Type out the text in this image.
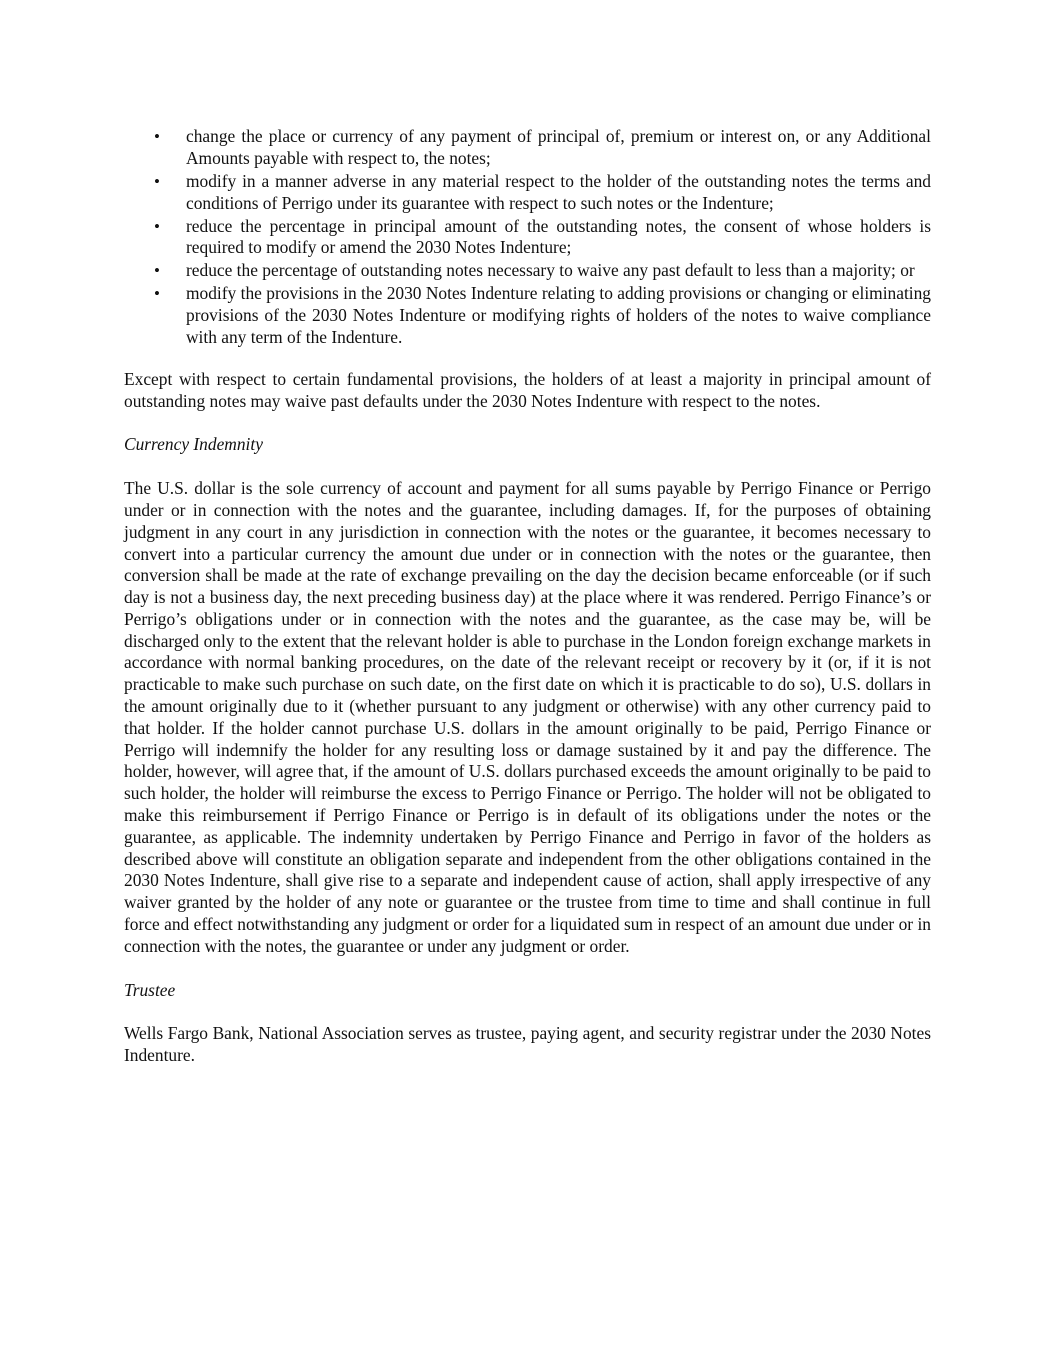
• change the place or currency of any payment of principal of, premium or interest on, or any Additional Amounts payable with respect to, the notes;
• modify in a manner adverse in any material respect to the holder of the outstanding notes the terms and conditions of Perrigo under its guarantee with respect to such notes or the Indenture;
• reduce the percentage in principal amount of the outstanding notes, the consent of whose holders is required to modify or amend the 2030 Notes Indenture;
• reduce the percentage of outstanding notes necessary to waive any past default to less than a majority; or
• modify the provisions in the 2030 Notes Indenture relating to adding provisions or changing or eliminating provisions of the 2030 Notes Indenture or modifying rights of holders of the notes to waive compliance with any term of the Indenture.

Except with respect to certain fundamental provisions, the holders of at least a majority in principal amount of outstanding notes may waive past defaults under the 2030 Notes Indenture with respect to the notes.

Currency Indemnity

The U.S. dollar is the sole currency of account and payment for all sums payable by Perrigo Finance or Perrigo under or in connection with the notes and the guarantee, including damages. If, for the purposes of obtaining judgment in any court in any jurisdiction in connection with the notes or the guarantee, it becomes necessary to convert into a particular currency the amount due under or in connection with the notes or the guarantee, then conversion shall be made at the rate of exchange prevailing on the day the decision became enforceable (or if such day is not a business day, the next preceding business day) at the place where it was rendered. Perrigo Finance’s or Perrigo’s obligations under or in connection with the notes and the guarantee, as the case may be, will be discharged only to the extent that the relevant holder is able to purchase in the London foreign exchange markets in accordance with normal banking procedures, on the date of the relevant receipt or recovery by it (or, if it is not practicable to make such purchase on such date, on the first date on which it is practicable to do so), U.S. dollars in the amount originally due to it (whether pursuant to any judgment or otherwise) with any other currency paid to that holder. If the holder cannot purchase U.S. dollars in the amount originally to be paid, Perrigo Finance or Perrigo will indemnify the holder for any resulting loss or damage sustained by it and pay the difference. The holder, however, will agree that, if the amount of U.S. dollars purchased exceeds the amount originally to be paid to such holder, the holder will reimburse the excess to Perrigo Finance or Perrigo. The holder will not be obligated to make this reimbursement if Perrigo Finance or Perrigo is in default of its obligations under the notes or the guarantee, as applicable. The indemnity undertaken by Perrigo Finance and Perrigo in favor of the holders as described above will constitute an obligation separate and independent from the other obligations contained in the 2030 Notes Indenture, shall give rise to a separate and independent cause of action, shall apply irrespective of any waiver granted by the holder of any note or guarantee or the trustee from time to time and shall continue in full force and effect notwithstanding any judgment or order for a liquidated sum in respect of an amount due under or in connection with the notes, the guarantee or under any judgment or order.

Trustee

Wells Fargo Bank, National Association serves as trustee, paying agent, and security registrar under the 2030 Notes Indenture.
